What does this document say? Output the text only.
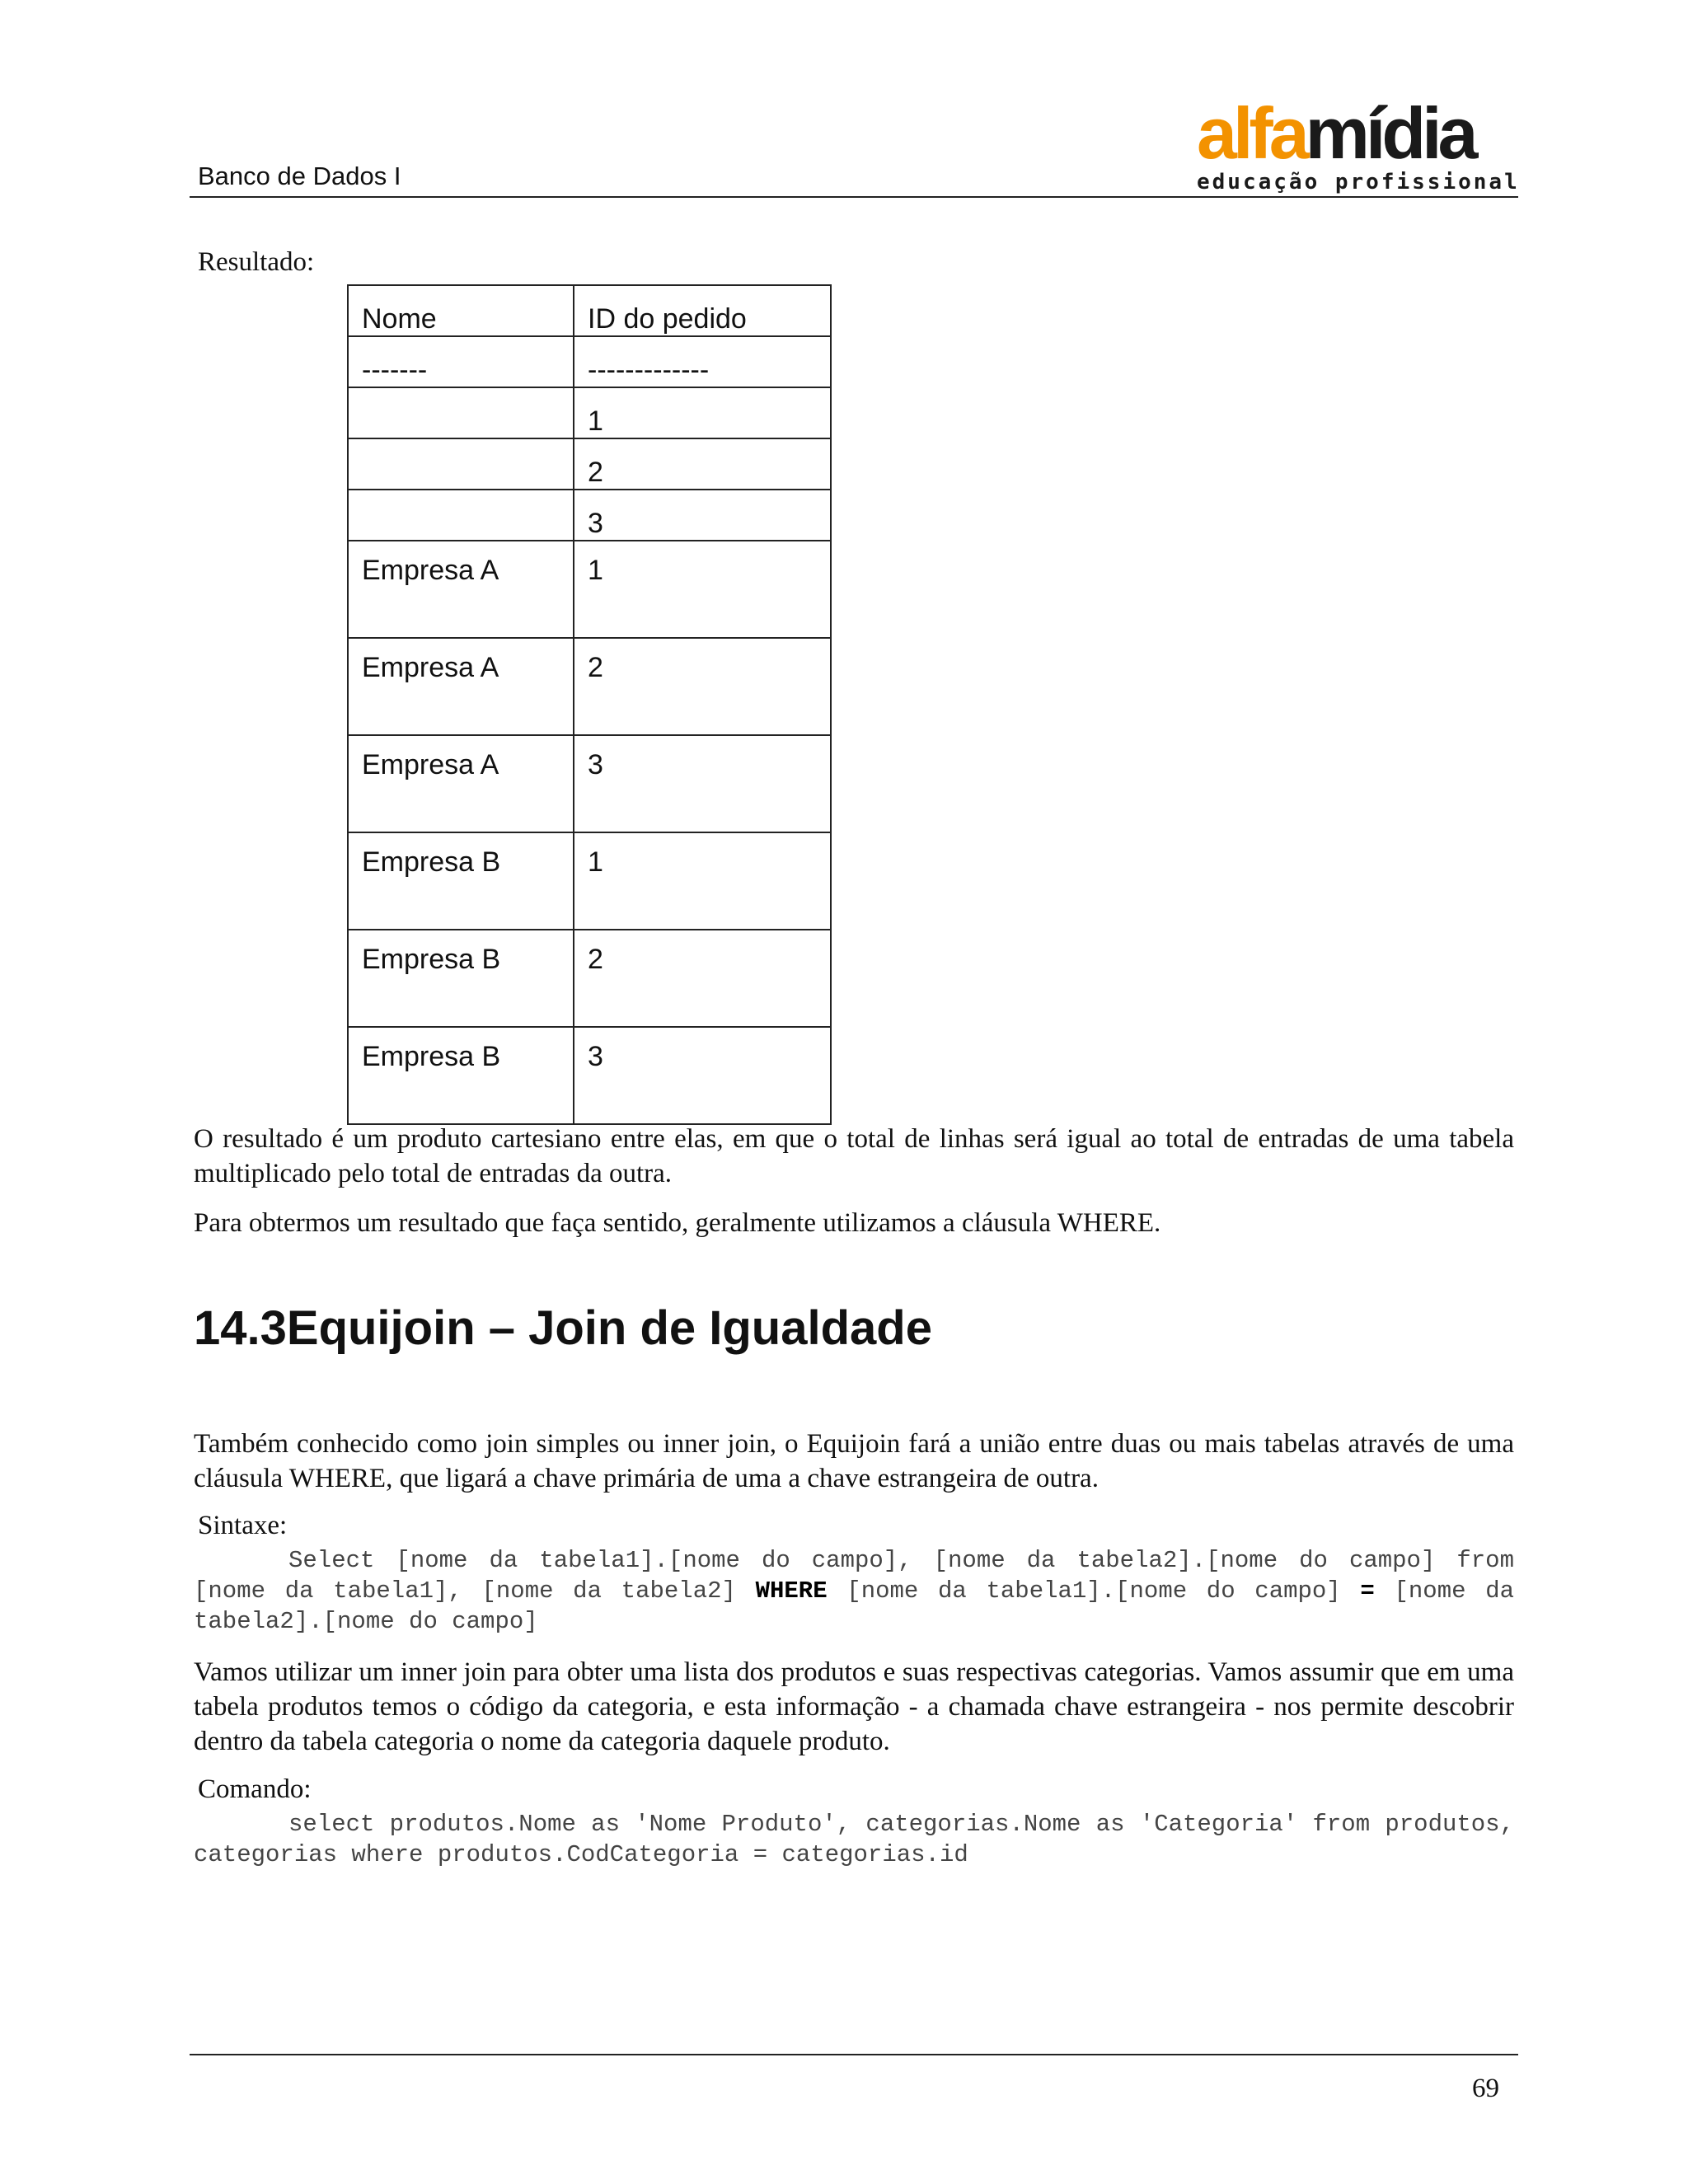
Banco de Dados I
alfamídia
educação profissional

Resultado:

Nome	ID do pedido
-------	-------------
	1
	2
	3
Empresa A	1
Empresa A	2
Empresa A	3
Empresa B	1
Empresa B	2
Empresa B	3

O resultado é um produto cartesiano entre elas, em que o total de linhas será igual ao total de entradas de uma tabela multiplicado pelo total de entradas da outra.

Para obtermos um resultado que faça sentido, geralmente utilizamos a cláusula WHERE.

14.3Equijoin – Join de Igualdade

Também conhecido como join simples ou inner join, o Equijoin fará a união entre duas ou mais tabelas através de uma cláusula WHERE, que ligará a chave primária de uma a chave estrangeira de outra.

Sintaxe:

Select [nome da tabela1].[nome do campo], [nome da tabela2].[nome do campo] from [nome da tabela1], [nome da tabela2] WHERE [nome da tabela1].[nome do campo] = [nome da tabela2].[nome do campo]

Vamos utilizar um inner join para obter uma lista dos produtos e suas respectivas categorias. Vamos assumir que em uma tabela produtos temos o código da categoria, e esta informação - a chamada chave estrangeira - nos permite descobrir dentro da tabela categoria o nome da categoria daquele produto.

Comando:

select produtos.Nome as 'Nome Produto', categorias.Nome as 'Categoria' from produtos, categorias where produtos.CodCategoria = categorias.id

69
